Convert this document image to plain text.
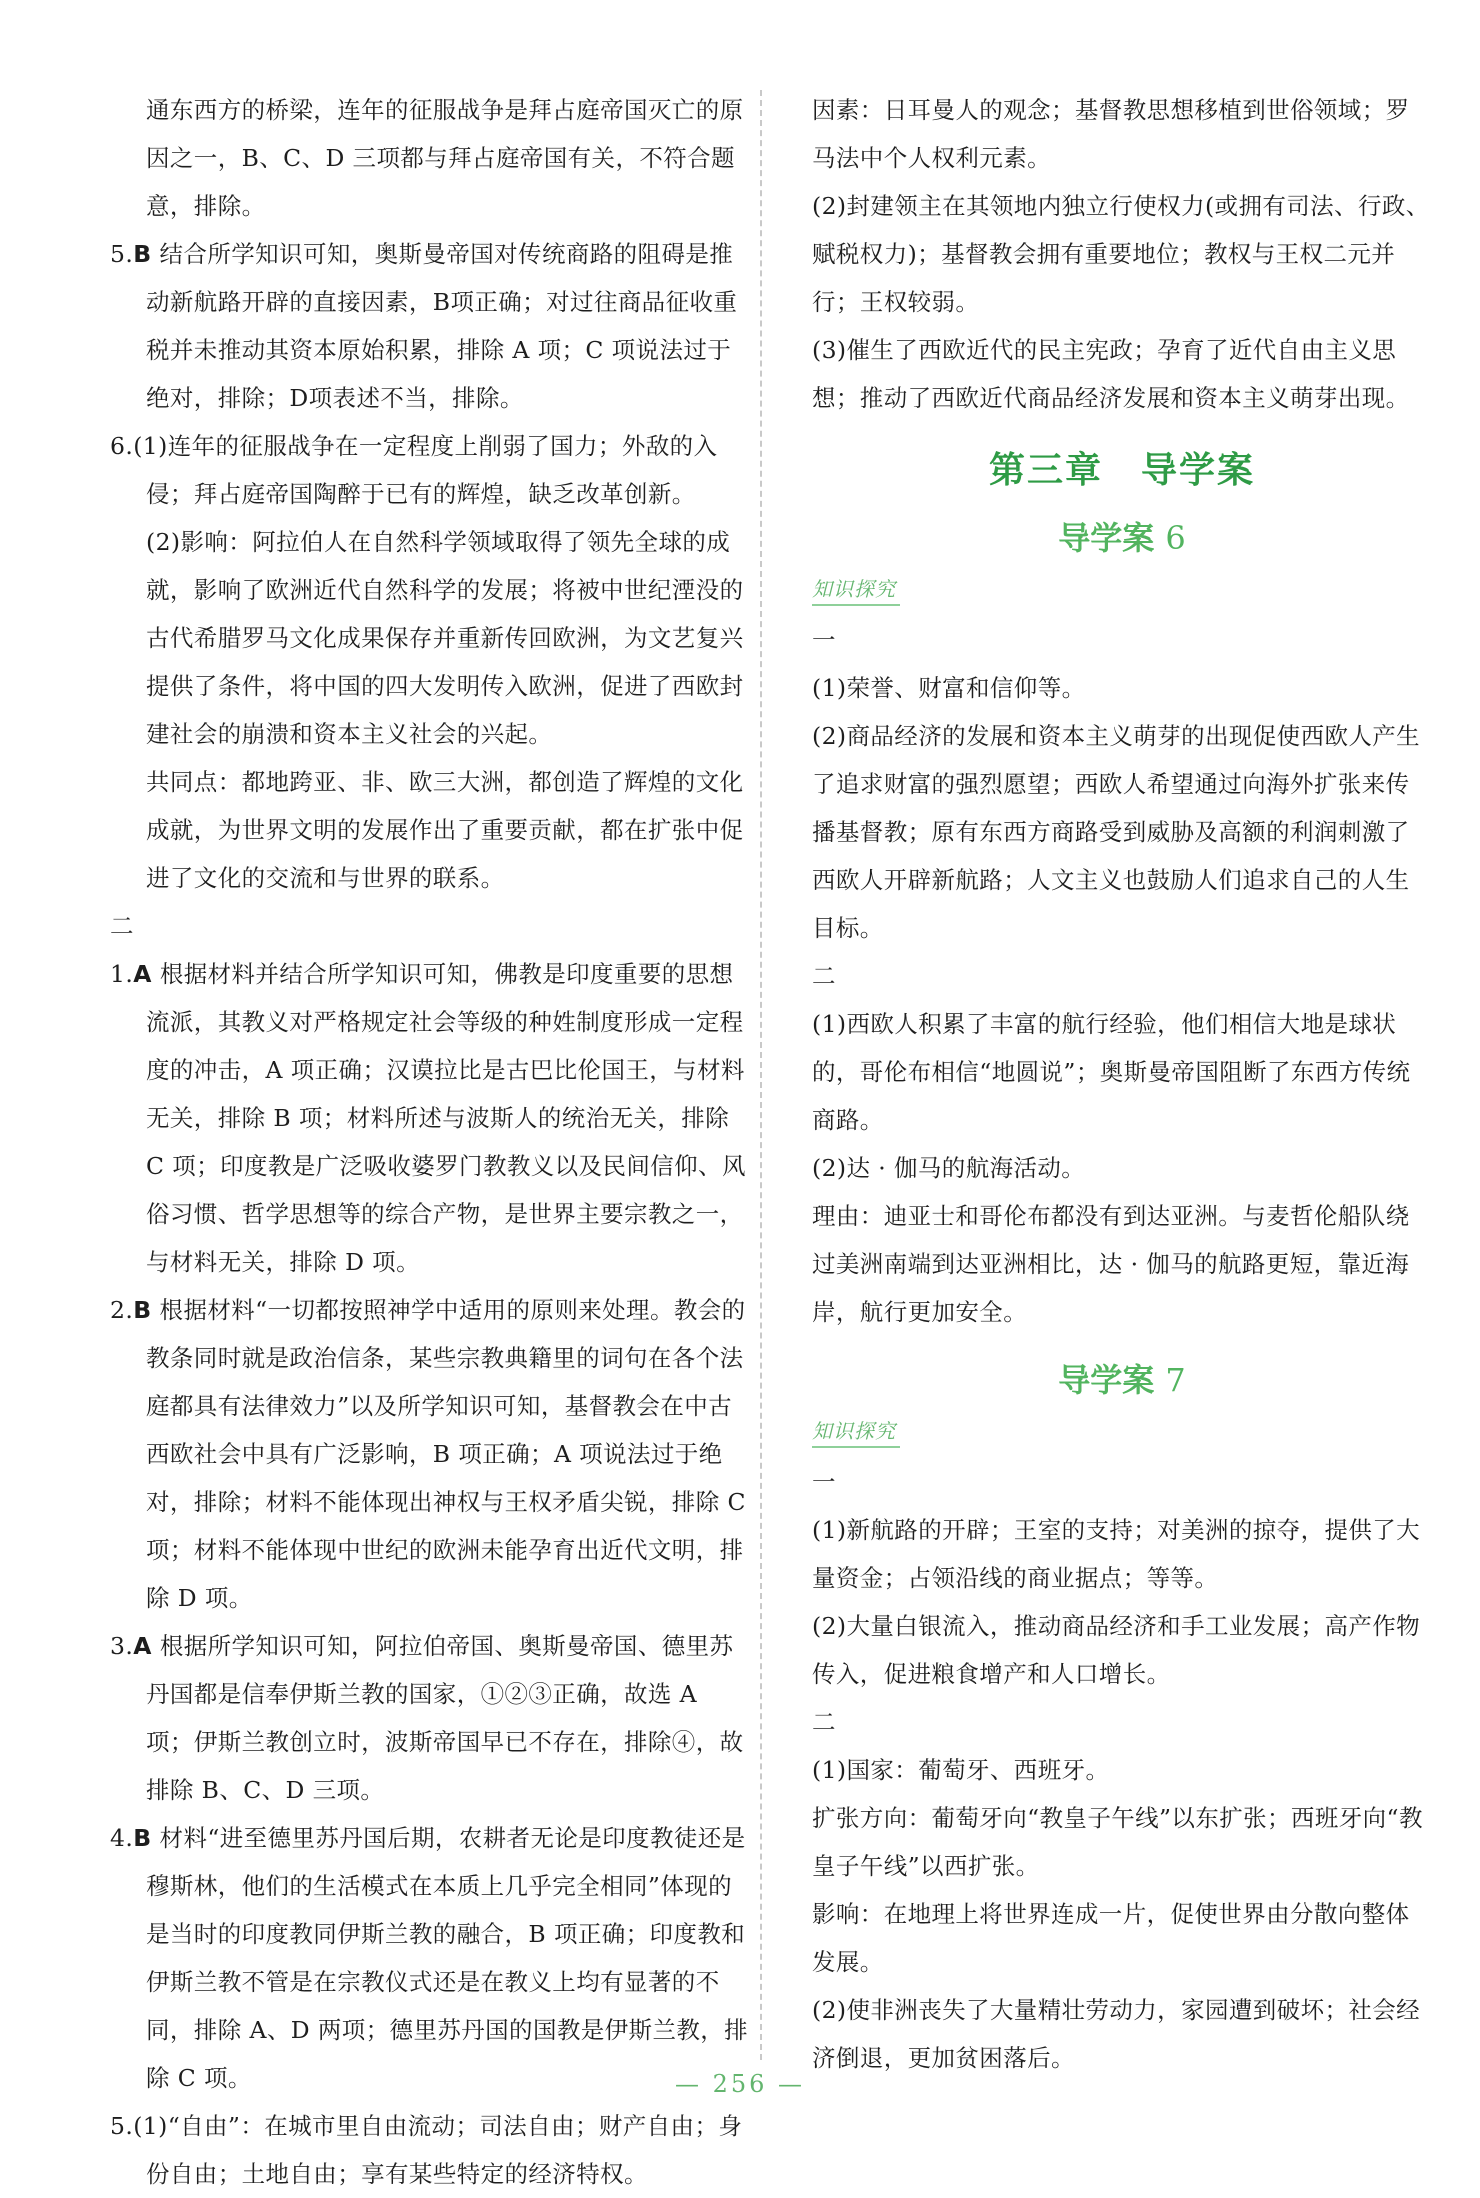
通东西方的桥梁，连年的征服战争是拜占庭帝国灭亡的原因之一，B、C、D 三项都与拜占庭帝国有关，不符合题意，排除。

5.B 结合所学知识可知，奥斯曼帝国对传统商路的阻碍是推动新航路开辟的直接因素，B项正确；对过往商品征收重税并未推动其资本原始积累，排除 A 项；C 项说法过于绝对，排除；D项表述不当，排除。

6.(1)连年的征服战争在一定程度上削弱了国力；外敌的入侵；拜占庭帝国陶醉于已有的辉煌，缺乏改革创新。

(2)影响：阿拉伯人在自然科学领域取得了领先全球的成就，影响了欧洲近代自然科学的发展；将被中世纪湮没的古代希腊罗马文化成果保存并重新传回欧洲，为文艺复兴提供了条件，将中国的四大发明传入欧洲，促进了西欧封建社会的崩溃和资本主义社会的兴起。

共同点：都地跨亚、非、欧三大洲，都创造了辉煌的文化成就，为世界文明的发展作出了重要贡献，都在扩张中促进了文化的交流和与世界的联系。

二

1.A 根据材料并结合所学知识可知，佛教是印度重要的思想流派，其教义对严格规定社会等级的种姓制度形成一定程度的冲击，A 项正确；汉谟拉比是古巴比伦国王，与材料无关，排除 B 项；材料所述与波斯人的统治无关，排除 C 项；印度教是广泛吸收婆罗门教教义以及民间信仰、风俗习惯、哲学思想等的综合产物，是世界主要宗教之一，与材料无关，排除 D 项。

2.B 根据材料“一切都按照神学中适用的原则来处理。教会的教条同时就是政治信条，某些宗教典籍里的词句在各个法庭都具有法律效力”以及所学知识可知，基督教会在中古西欧社会中具有广泛影响，B 项正确；A 项说法过于绝对，排除；材料不能体现出神权与王权矛盾尖锐，排除 C 项；材料不能体现中世纪的欧洲未能孕育出近代文明，排除 D 项。

3.A 根据所学知识可知，阿拉伯帝国、奥斯曼帝国、德里苏丹国都是信奉伊斯兰教的国家，①②③正确，故选 A 项；伊斯兰教创立时，波斯帝国早已不存在，排除④，故排除 B、C、D 三项。

4.B 材料“进至德里苏丹国后期，农耕者无论是印度教徒还是穆斯林，他们的生活模式在本质上几乎完全相同”体现的是当时的印度教同伊斯兰教的融合，B 项正确；印度教和伊斯兰教不管是在宗教仪式还是在教义上均有显著的不同，排除 A、D 两项；德里苏丹国的国教是伊斯兰教，排除 C 项。

5.(1)“自由”：在城市里自由流动；司法自由；财产自由；身份自由；土地自由；享有某些特定的经济特权。

因素：日耳曼人的观念；基督教思想移植到世俗领域；罗马法中个人权利元素。

(2)封建领主在其领地内独立行使权力(或拥有司法、行政、赋税权力)；基督教会拥有重要地位；教权与王权二元并行；王权较弱。

(3)催生了西欧近代的民主宪政；孕育了近代自由主义思想；推动了西欧近代商品经济发展和资本主义萌芽出现。

第三章 导学案
导学案 6
知识探究

一

(1)荣誉、财富和信仰等。

(2)商品经济的发展和资本主义萌芽的出现促使西欧人产生了追求财富的强烈愿望；西欧人希望通过向海外扩张来传播基督教；原有东西方商路受到威胁及高额的利润刺激了西欧人开辟新航路；人文主义也鼓励人们追求自己的人生目标。

二

(1)西欧人积累了丰富的航行经验，他们相信大地是球状的，哥伦布相信“地圆说”；奥斯曼帝国阻断了东西方传统商路。

(2)达 · 伽马的航海活动。

理由：迪亚士和哥伦布都没有到达亚洲。与麦哲伦船队绕过美洲南端到达亚洲相比，达 · 伽马的航路更短，靠近海岸，航行更加安全。

导学案 7
知识探究

一

(1)新航路的开辟；王室的支持；对美洲的掠夺，提供了大量资金；占领沿线的商业据点；等等。

(2)大量白银流入，推动商品经济和手工业发展；高产作物传入，促进粮食增产和人口增长。

二

(1)国家：葡萄牙、西班牙。

扩张方向：葡萄牙向“教皇子午线”以东扩张；西班牙向“教皇子午线”以西扩张。

影响：在地理上将世界连成一片，促使世界由分散向整体发展。

(2)使非洲丧失了大量精壮劳动力，家园遭到破坏；社会经济倒退，更加贫困落后。

— 256 —
